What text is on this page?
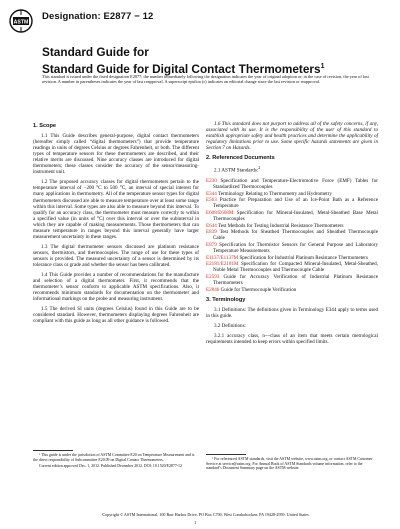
ASTM
Designation: E2877 − 12
Standard Guide for
Standard Guide for Digital Contact Thermometers$^1$
This standard is issued under the fixed designation E2877; the number immediately following the designation indicates the year of original adoption or, in the case of revision, the year of last revision. A number in parentheses indicates the year of last reapproval. A superscript epsilon (ε) indicates an editorial change since the last revision or reapproval.
1. Scope

1.1 This Guide describes general-purpose, digital contact thermometers (hereafter simply called “digital thermometers”) that provide temperature readings in units of degrees Celsius or degrees Fahrenheit, or both. The different types of temperature sensors for these thermometers are described, and their relative merits are discussed. Nine accuracy classes are introduced for digital thermometers; these classes consider the accuracy of the sensor/measuring-instrument unit.

1.2 The proposed accuracy classes for digital thermometers pertain to the temperature interval of −200 °C to 500 °C, an interval of special interest for many applications in thermometry. All of the temperature sensor types for digital thermometers discussed are able to measure temperature over at least some range within this interval. Some types are also able to measure beyond this interval. To qualify for an accuracy class, the thermometer must measure correctly to within a specified value (in units of °C) over this interval or over the subinterval in which they are capable of making measurements. Those thermometers that can measure temperature in ranges beyond this interval generally have larger measurement uncertainty in these ranges.

1.3 The digital thermometer sensors discussed are platinum resistance sensors, thermistors, and thermocouples. The range of use for these types of sensors is provided. The measured uncertainty of a sensor is determined by its tolerance class or grade and whether the sensor has been calibrated.

1.4 This Guide provides a number of recommendations for the manufacture and selection of a digital thermometer. First, it recommends that the thermometer’s sensor conform to applicable ASTM specifications. Also, it recommends minimum standards for documentation on the thermometer and informational markings on the probe and measuring instrument.

1.5 The derived SI units (degrees Celsius) found in this Guide are to be considered standard. However, thermometers displaying degrees Fahrenheit are compliant with this guide as long as all other guidance is followed.

1.6 This standard does not purport to address all of the safety concerns, if any, associated with its use. It is the responsibility of the user of this standard to establish appropriate safety and health practices and determine the applicability of regulatory limitations prior to use. Some specific hazards statements are given in Section 7 on Hazards.

2. Referenced Documents

2.1 ASTM Standards:$^2$

E230 Specification and Temperature-Electromotive Force (EMF) Tables for Standardized Thermocouples
E344 Terminology Relating to Thermometry and Hydrometry
E563 Practice for Preparation and Use of an Ice-Point Bath as a Reference Temperature
E608/E608M Specification for Mineral-Insulated, Metal-Sheathed Base Metal Thermocouples
E644 Test Methods for Testing Industrial Resistance Thermometers
E839 Test Methods for Sheathed Thermocouples and Sheathed Thermocouple Cable
E879 Specification for Thermistor Sensors for General Purpose and Laboratory Temperature Measurements
E1137/E1137M Specification for Industrial Platinum Resistance Thermometers
E2181/E2181M Specification for Compacted Mineral-Insulated, Metal-Sheathed, Noble Metal Thermocouples and Thermocouple Cable
E2593 Guide for Accuracy Verification of Industrial Platinum Resistance Thermometers
E2846 Guide for Thermocouple Verification
3. Terminology

3.1 Definitions: The definitions given in Terminology E344 apply to terms used in this guide.

3.2 Definitions:

3.2.1 accuracy class, n—class of an item that meets certain metrological requirements intended to keep errors within specified limits.

¹ This guide is under the jurisdiction of ASTM Committee E20 on Temperature Measurement and is the direct responsibility of Subcommittee E20.09 on Digital Contact Thermometers.

Current edition approved Dec. 1, 2012. Published December 2012. DOI: 10.1520/E2877-12

² For referenced ASTM standards, visit the ASTM website, www.astm.org, or contact ASTM Customer Service at service@astm.org. For Annual Book of ASTM Standards volume information, refer to the standard’s Document Summary page on the ASTM website.

Copyright © ASTM International, 100 Barr Harbor Drive, PO Box C700, West Conshohocken, PA 19428-2959. United States
1
